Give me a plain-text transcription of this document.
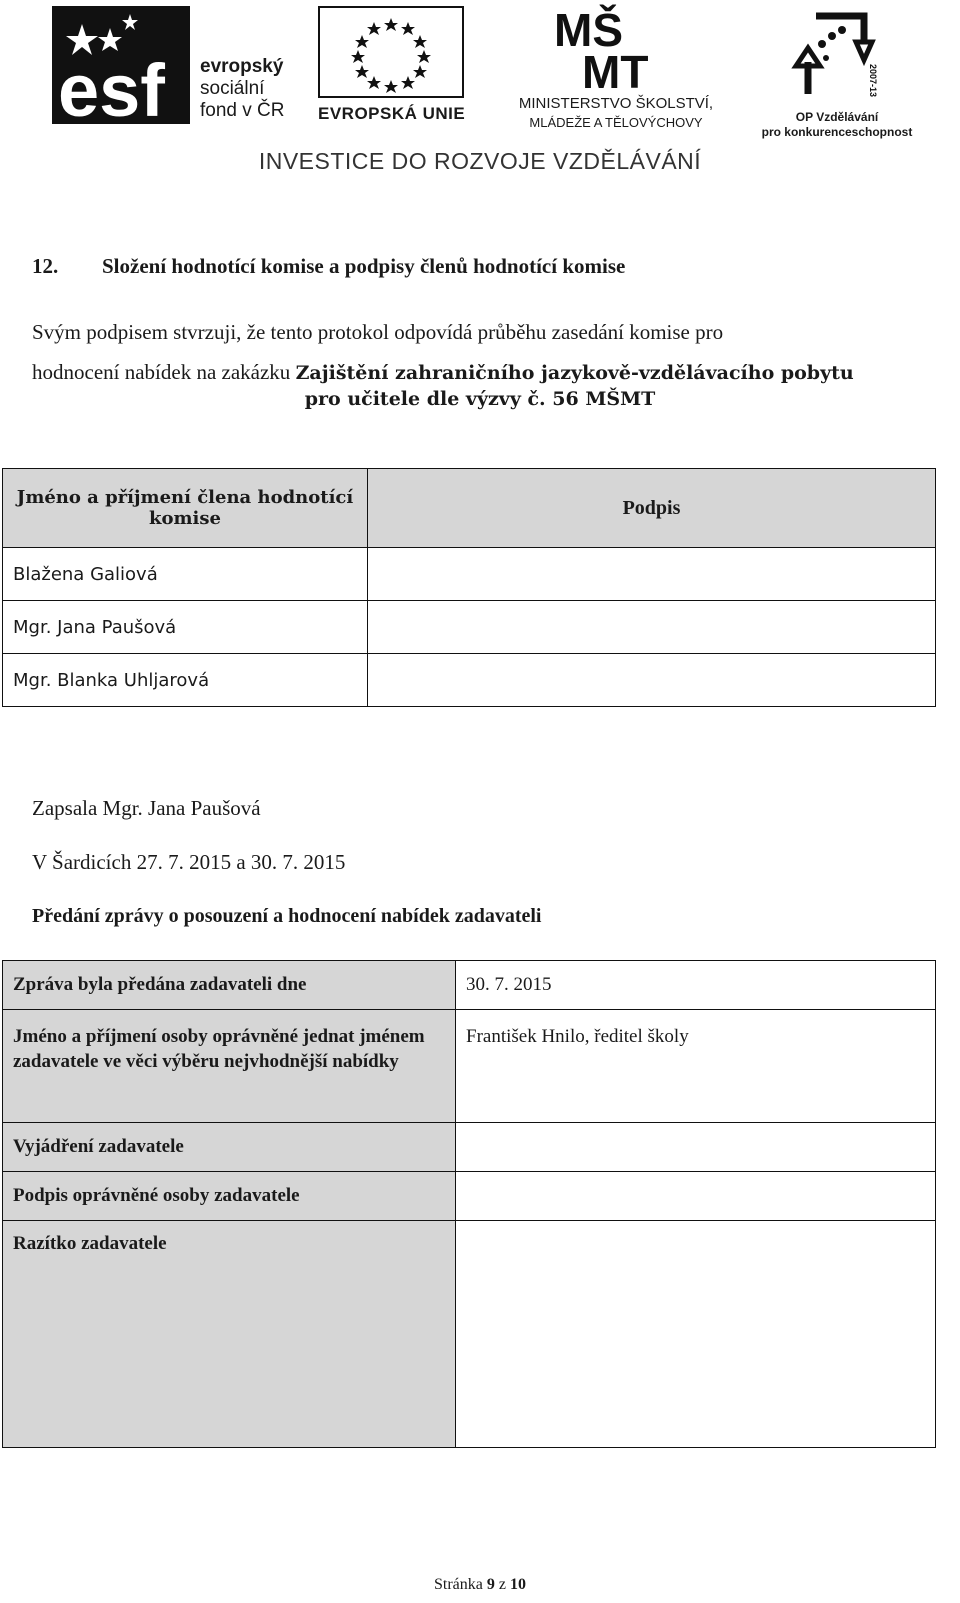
esf evropský
sociální
fond v ČR EVROPSKÁ UNIE
MŠ
MT
MINISTERSTVO ŠKOLSTVÍ,
MLÁDEŽE A TĚLOVÝCHOVY
2007-13
OP Vzdělávání
pro konkurenceschopnost
INVESTICE DO ROZVOJE VZDĚLÁVÁNÍ
12. Složení hodnotící komise a podpisy členů hodnotící komise
Svým podpisem stvrzuji, že tento protokol odpovídá průběhu zasedání komise pro
hodnocení nabídek na zakázku Zajištění zahraničního jazykově-vzdělávacího pobytu
pro učitele dle výzvy č. 56 MŠMT
Jméno a příjmení člena hodnotící komise	Podpis
Blažena Galiová	
Mgr. Jana Paušová	
Mgr. Blanka Uhljarová	
Zapsala Mgr. Jana Paušová
V Šardicích 27. 7. 2015 a 30. 7. 2015
Předání zprávy o posouzení a hodnocení nabídek zadavateli
Zpráva byla předána zadavateli dne	30. 7. 2015
Jméno a příjmení osoby oprávněné jednat jménem zadavatele ve věci výběru nejvhodnější nabídky	František Hnilo, ředitel školy
Vyjádření zadavatele	
Podpis oprávněné osoby zadavatele	
Razítko zadavatele	
Stránka 9 z 10
